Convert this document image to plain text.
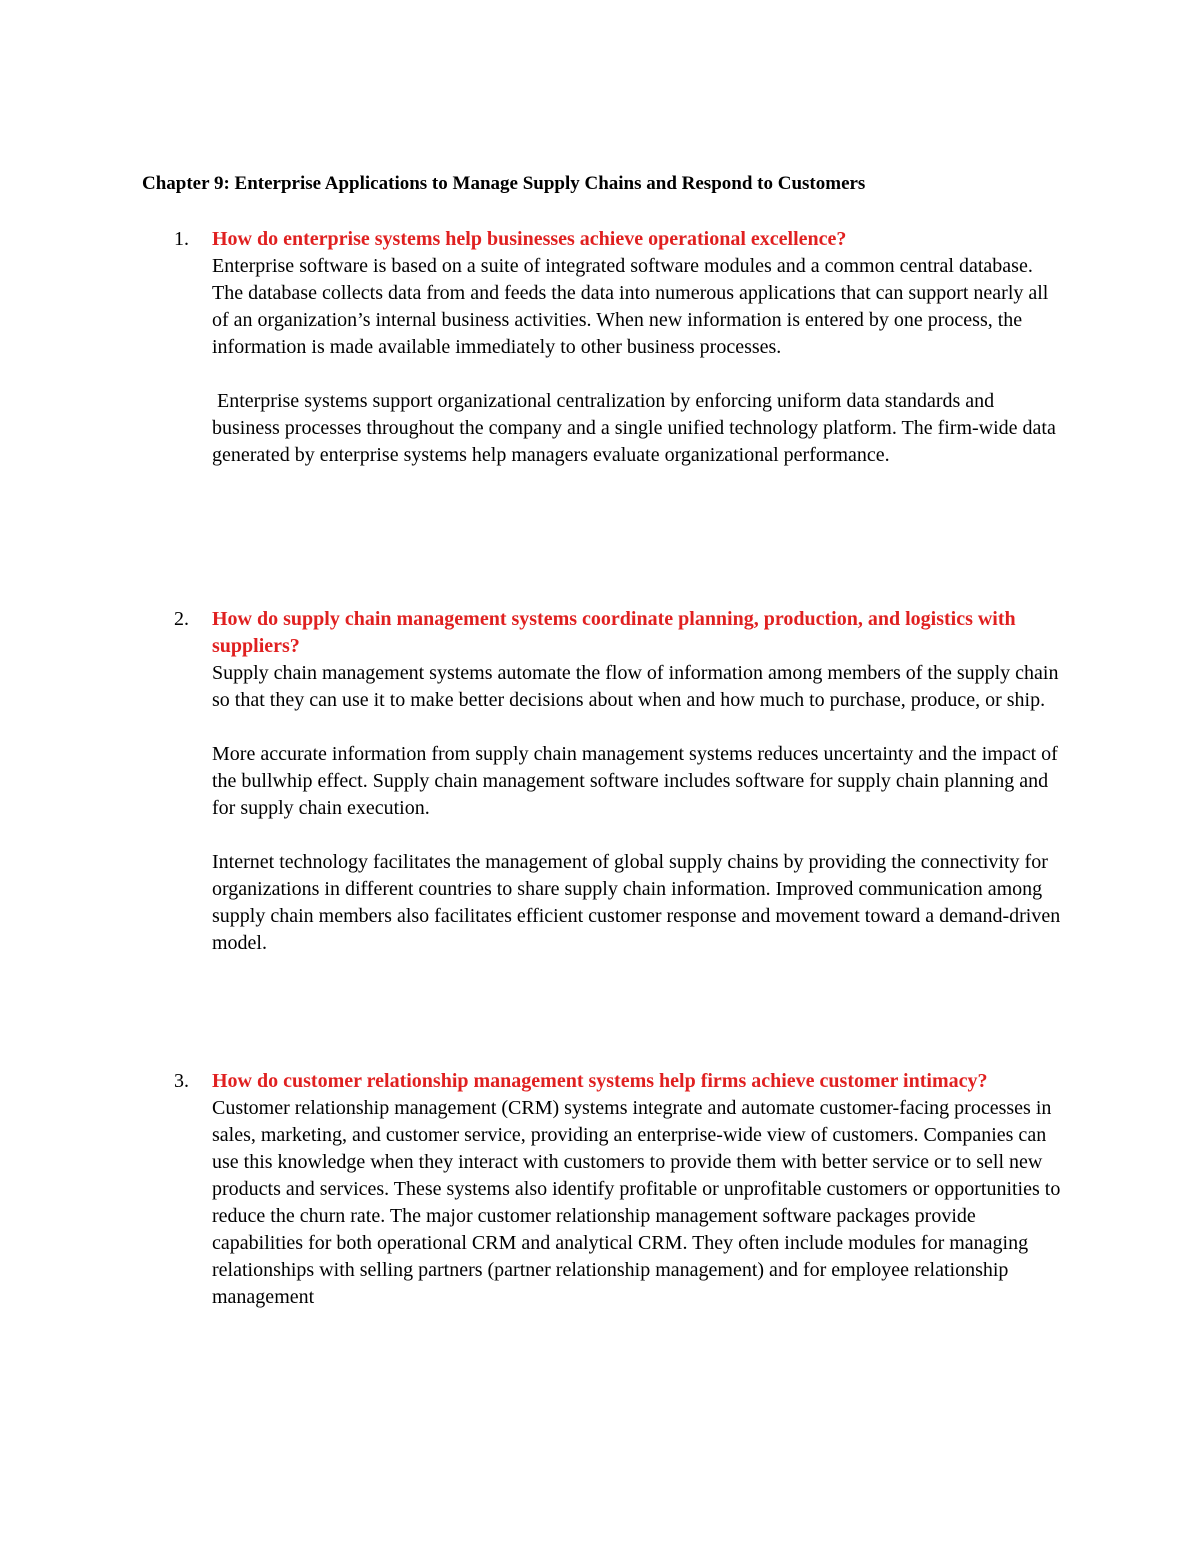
Chapter 9: Enterprise Applications to Manage Supply Chains and Respond to Customers
1. How do enterprise systems help businesses achieve operational excellence?

Enterprise software is based on a suite of integrated software modules and a common central database. The database collects data from and feeds the data into numerous applications that can support nearly all of an organization’s internal business activities. When new information is entered by one process, the information is made available immediately to other business processes.

Enterprise systems support organizational centralization by enforcing uniform data standards and business processes throughout the company and a single unified technology platform. The firm-wide data generated by enterprise systems help managers evaluate organizational performance.

2. How do supply chain management systems coordinate planning, production, and logistics with suppliers?

Supply chain management systems automate the flow of information among members of the supply chain so that they can use it to make better decisions about when and how much to purchase, produce, or ship.

More accurate information from supply chain management systems reduces uncertainty and the impact of the bullwhip effect. Supply chain management software includes software for supply chain planning and for supply chain execution.

Internet technology facilitates the management of global supply chains by providing the connectivity for organizations in different countries to share supply chain information. Improved communication among supply chain members also facilitates efficient customer response and movement toward a demand-driven model.

3. How do customer relationship management systems help firms achieve customer intimacy?

Customer relationship management (CRM) systems integrate and automate customer-facing processes in sales, marketing, and customer service, providing an enterprise-wide view of customers. Companies can use this knowledge when they interact with customers to provide them with better service or to sell new products and services. These systems also identify profitable or unprofitable customers or opportunities to reduce the churn rate. The major customer relationship management software packages provide capabilities for both operational CRM and analytical CRM. They often include modules for managing relationships with selling partners (partner relationship management) and for employee relationship management
